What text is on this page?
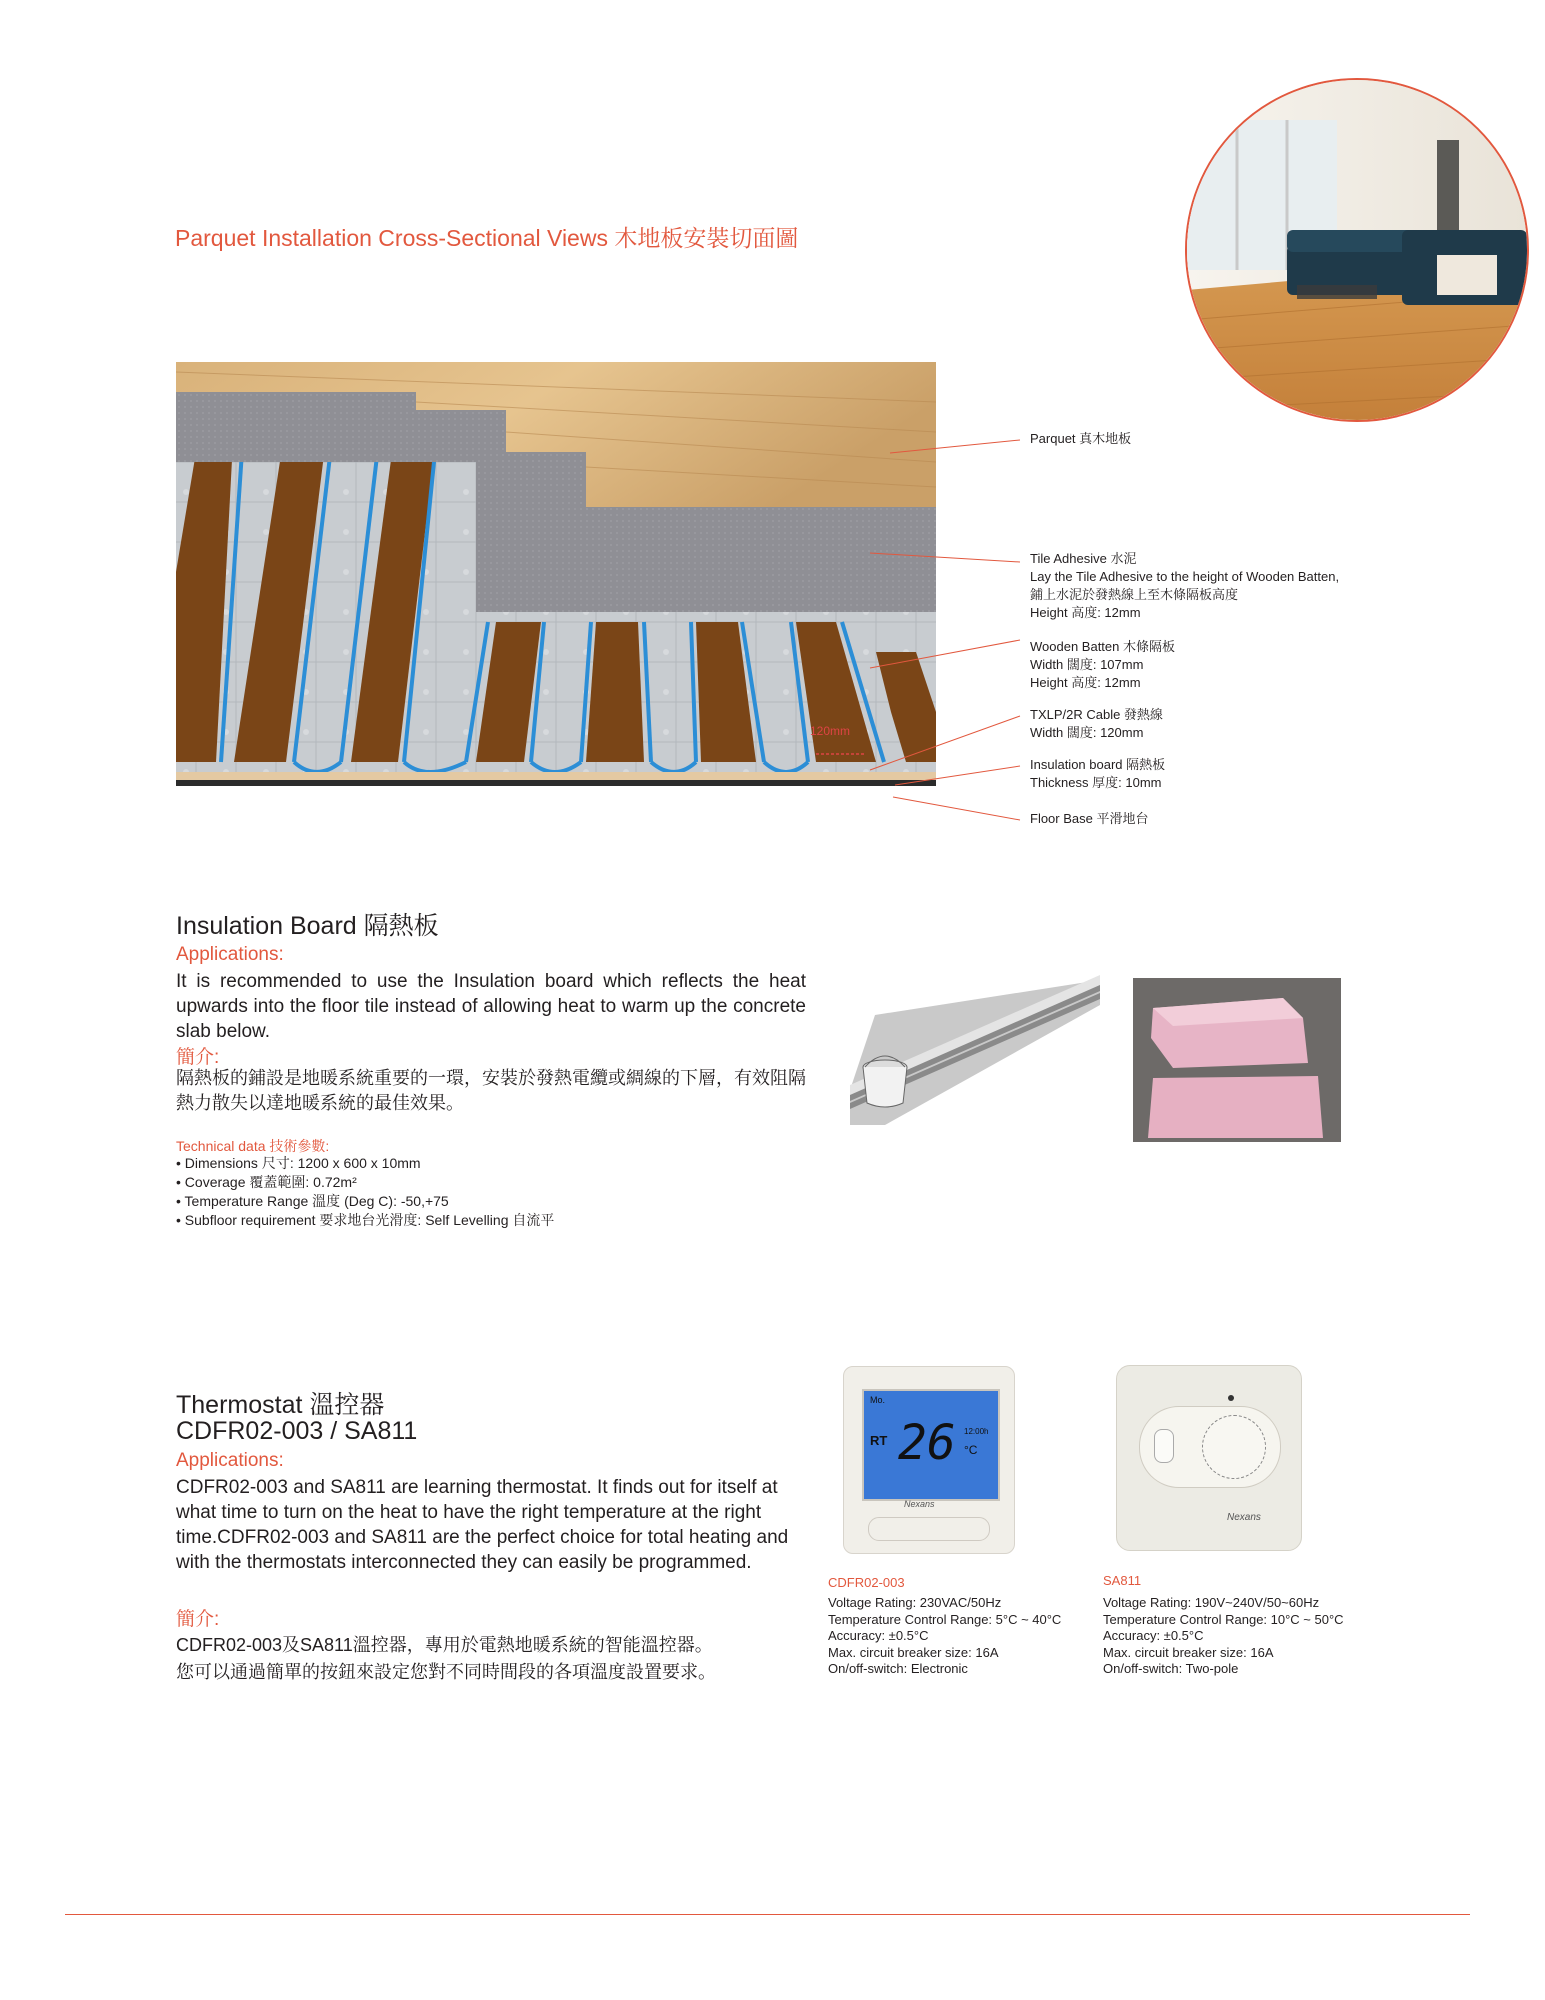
Parquet Installation Cross-Sectional Views 木地板安裝切面圖
120mm
Parquet 真木地板
Tile Adhesive 水泥
Lay the Tile Adhesive to the height of Wooden Batten,
鋪上水泥於發熱線上至木條隔板高度
Height 高度: 12mm
Wooden Batten 木條隔板
Width 闊度: 107mm
Height 高度: 12mm
TXLP/2R Cable 發熱線
Width 闊度: 120mm
Insulation board 隔熱板
Thickness 厚度: 10mm
Floor Base 平滑地台
Insulation Board 隔熱板
Applications:
It is recommended to use the Insulation board which reflects the heat upwards into the floor tile instead of allowing heat to warm up the concrete slab below.
簡介:
隔熱板的鋪設是地暖系統重要的一環，安裝於發熱電纜或綢線的下層，有效阻隔熱力散失以達地暖系統的最佳效果。
Technical data 技術參數:
• Dimensions 尺寸: 1200 x 600 x 10mm
• Coverage 覆蓋範圍: 0.72m²
• Temperature Range 溫度 (Deg C): -50,+75
• Subfloor requirement 要求地台光滑度: Self Levelling 自流平
Thermostat 溫控器
CDFR02-003 / SA811
Applications:
CDFR02-003 and SA811 are learning thermostat. It finds out for itself at what time to turn on the heat to have the right temperature at the right time.CDFR02-003 and SA811 are the perfect choice for total heating and with the thermostats interconnected they can easily be programmed.
簡介:
CDFR02-003及SA811溫控器，專用於電熱地暖系統的智能溫控器。
您可以通過簡單的按鈕來設定您對不同時間段的各項溫度設置要求。
Mo.
RT 26 °C
12:00h
Nexans
Nexans
CDFR02-003
Voltage Rating: 230VAC/50Hz
Temperature Control Range: 5°C ~ 40°C
Accuracy: ±0.5°C
Max. circuit breaker size: 16A
On/off-switch: Electronic
SA811
Voltage Rating: 190V~240V/50~60Hz
Temperature Control Range: 10°C ~ 50°C
Accuracy: ±0.5°C
Max. circuit breaker size: 16A
On/off-switch: Two-pole
